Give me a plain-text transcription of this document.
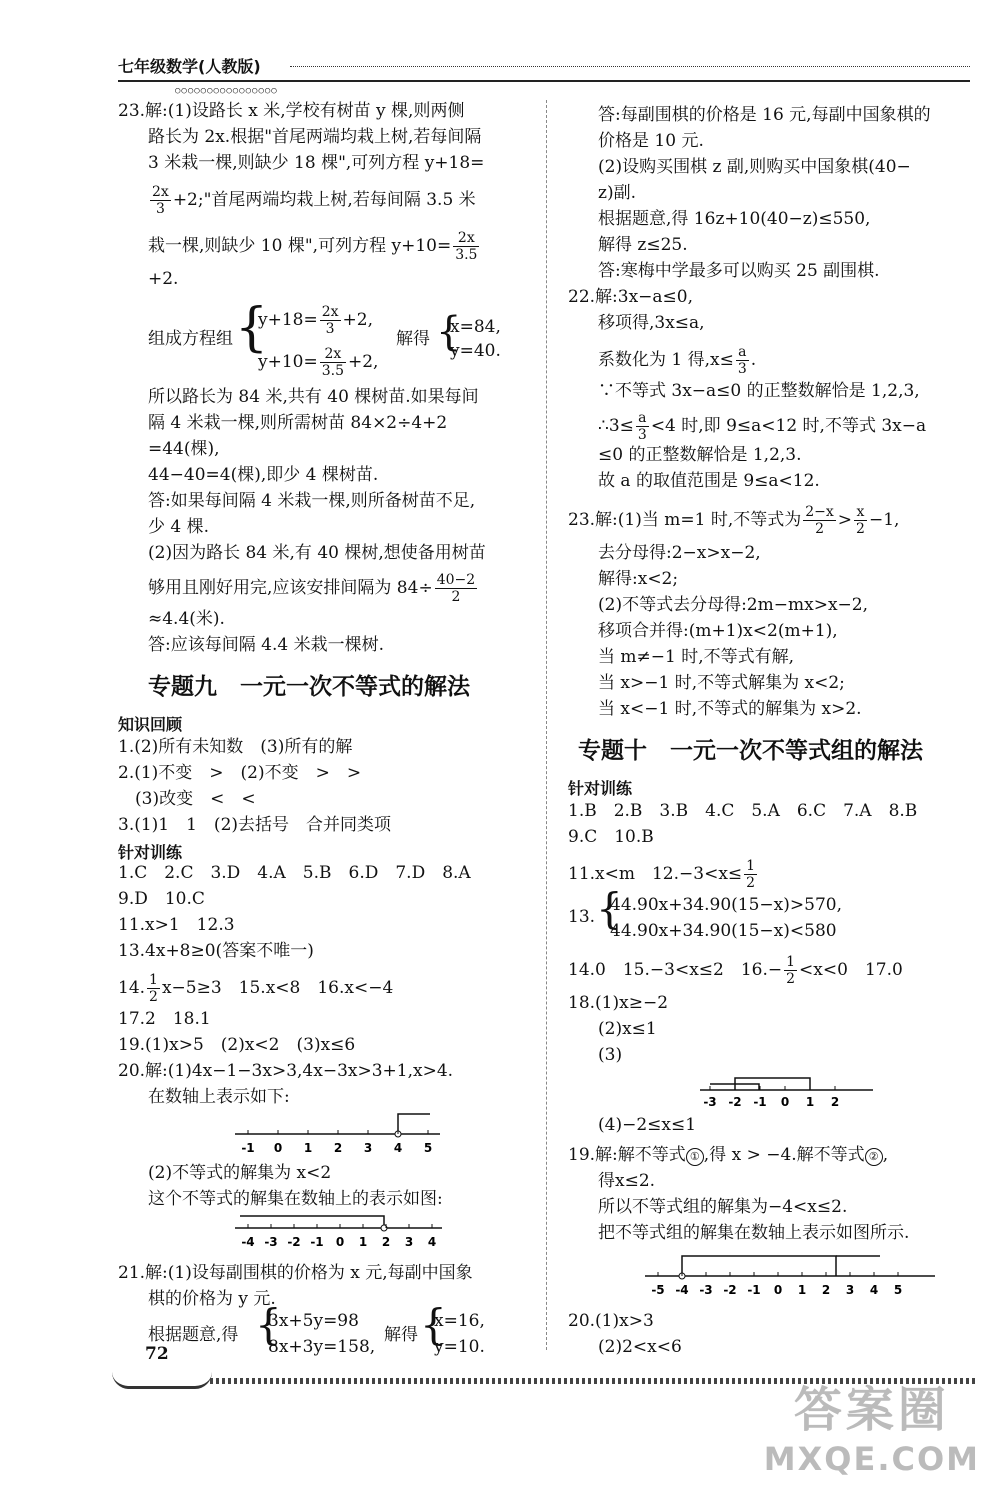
七年级数学(人教版)
○○○○○○○○○○○○○○○○
23.解:(1)设路长 x 米,学校有树苗 y 棵,则两侧
路长为 2x.根据"首尾两端均栽上树,若每间隔
3 米栽一棵,则缺少 18 棵",可列方程 y+18=
$\frac{2x}{3} +2$;"首尾两端均栽上树,若每间隔 3.5 米
栽一棵,则缺少 10 棵",可列方程 $y+10= \frac{2x}{3.5}$
+2.
组成方程组 {
$y+18= \frac{2x}{3} +2$,
$y+10= \frac{2x}{3.5} +2$,
解得 {
x=84,
y=40.
所以路长为 84 米,共有 40 棵树苗.如果每间
隔 4 米栽一棵,则所需树苗 84×2÷4+2
=44(棵),
44−40=4(棵),即少 4 棵树苗.
答:如果每间隔 4 米栽一棵,则所备树苗不足,
少 4 棵.
(2)因为路长 84 米,有 40 棵树,想使备用树苗
够用且刚好用完,应该安排间隔为 $84\div \frac{40-2}{2}$
≈4.4(米).
答:应该每间隔 4.4 米栽一棵树.
专题九　一元一次不等式的解法
知识回顾
1.(2)所有未知数　(3)所有的解
2.(1)不变　>　(2)不变　>　>
(3)改变　<　<
3.(1)1　1　(2)去括号　合并同类项
针对训练
1.C　2.C　3.D　4.A　5.B　6.D　7.D　8.A
9.D　10.C
11.x>1　12.3
13.4x+8≥0(答案不唯一)
14. $\frac{1}{2} x-5\ge 3$　15.x<8　16.x<−4
17.2　18.1
19.(1)x>5　(2)x<2　(3)x≤6
20.解:(1)4x−1−3x>3,4x−3x>3+1,x>4.
在数轴上表示如下:
-1 0 1 2 3 4 5
(2)不等式的解集为 x<2
这个不等式的解集在数轴上的表示如图:
-4 -3 -2 -1 0 1 2 3 4
21.解:(1)设每副围棋的价格为 x 元,每副中国象
棋的价格为 y 元.
根据题意,得 {
3x+5y=98
8x+3y=158,
解得 {
x=16,
y=10.
答:每副围棋的价格是 16 元,每副中国象棋的
价格是 10 元.
(2)设购买围棋 z 副,则购买中国象棋(40−
z)副.
根据题意,得 16z+10(40−z)≤550,
解得 z≤25.
答:寒梅中学最多可以购买 25 副围棋.
22.解:3x−a≤0,
移项得,3x≤a,
系数化为 1 得$,x\le \frac{a}{3}$ .
∵不等式 3x−a≤0 的正整数解恰是 1,2,3,
∴3≤ $\frac{a}{3} <4$ 时,即 9≤a<12 时,不等式 3x−a
≤0 的正整数解恰是 1,2,3.
故 a 的取值范围是 9≤a<12.
23.解:(1)当 m=1 时,不等式为 $\frac{2-x}{2} > \frac{x}{2} -1$,
去分母得:2−x>x−2,
解得:x<2;
(2)不等式去分母得:2m−mx>x−2,
移项合并得:(m+1)x<2(m+1),
当 m≠−1 时,不等式有解,
当 x>−1 时,不等式解集为 x<2;
当 x<−1 时,不等式的解集为 x>2.
专题十　一元一次不等式组的解法
针对训练
1.B　2.B　3.B　4.C　5.A　6.C　7.A　8.B
9.C　10.B
11.x<m　$12.-3<x\le \frac{1}{2}$
13. {
44.90x+34.90(15−x)>570,
44.90x+34.90(15−x)<580
14.0　15.−3<x≤2　$16.- \frac{1}{2} <x<0$　17.0
18.(1)x≥−2
(2)x≤1
(3)
-3 -2 -1 0 1 2
(4)−2≤x≤1
19.解:解不等式 ① ,得 x > −4.解不等式 ② ,
得x≤2.
所以不等式组的解集为−4<x≤2.
把不等式组的解集在数轴上表示如图所示.
-5 -4 -3 -2 -1 0 1 2 3 4 5
20.(1)x>3
(2)2<x<6
72
答案圈
MXQE.COM
